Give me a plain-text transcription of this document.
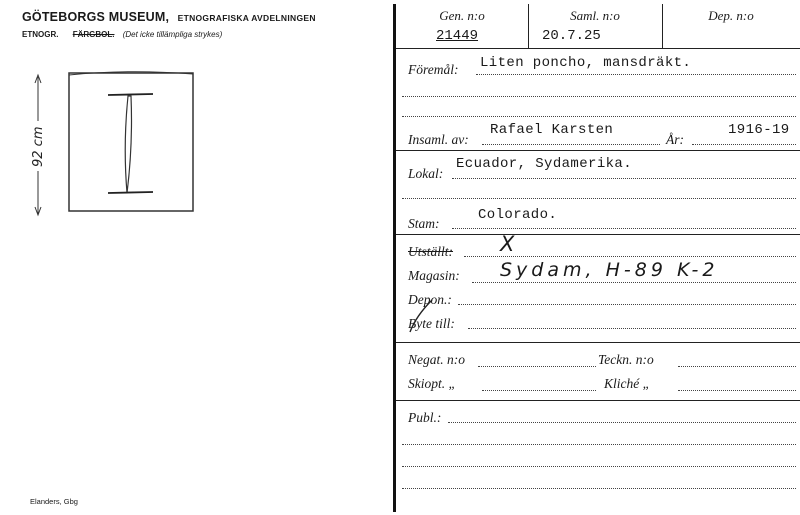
GÖTEBORGS MUSEUM, ETNOGRAFISKA AVDELNINGEN
ETNOGR. FÄRGBOL. (Det icke tillämpliga strykes)
92 cm
Elanders, Gbg
Gen. n:o
21449
Saml. n:o
20.7.25
Dep. n:o
Föremål: Liten poncho, mansdräkt.
Insaml. av:
Rafael Karsten
År:
1916-19
Lokal:
Ecuador, Sydamerika.
Stam:
Colorado.
Utställt: X
Magasin: Sydam, H-89 K-2
Depon.:
Byte till:
Negat. n:o	Teckn. n:o
Skiopt. „	Kliché „
Publ.:
